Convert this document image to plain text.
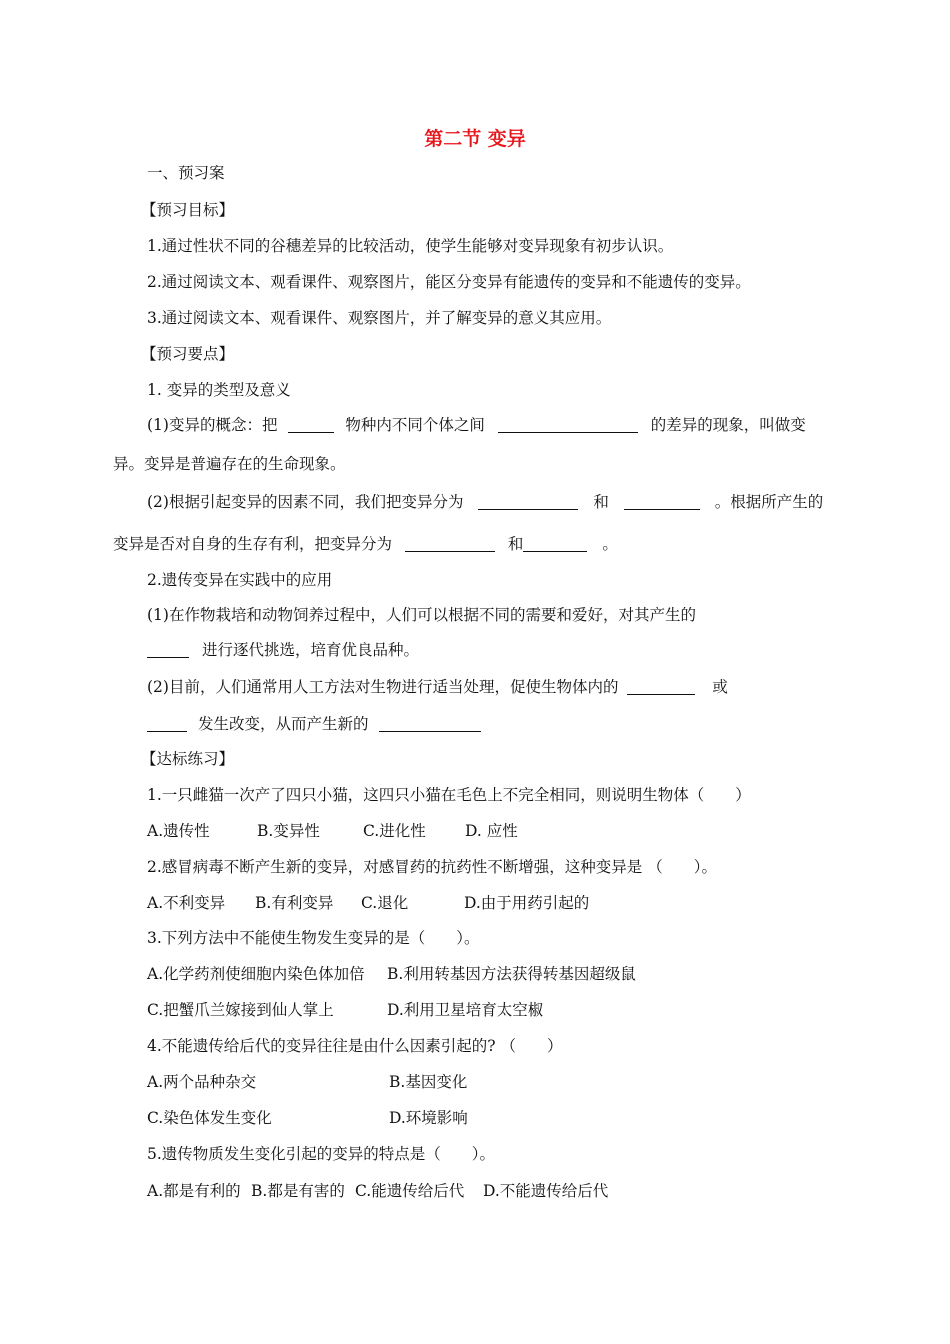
第二节 变异
一、预习案
【预习目标】
1.通过性状不同的谷穗差异的比较活动，使学生能够对变异现象有初步认识。
2.通过阅读文本、观看课件、观察图片，能区分变异有能遗传的变异和不能遗传的变异。
3.通过阅读文本、观看课件、观察图片，并了解变异的意义其应用。
【预习要点】
1. 变异的类型及意义
(1)变异的概念：把	物种内不同个体之间	的差异的现象，叫做变
异。变异是普遍存在的生命现象。
(2)根据引起变异的因素不同，我们把变异分为	和	。根据所产生的
变异是否对自身的生存有利，把变异分为	和	。
2.遗传变异在实践中的应用
(1)在作物栽培和动物饲养过程中，人们可以根据不同的需要和爱好，对其产生的
进行逐代挑选，培育优良品种。
(2)目前，人们通常用人工方法对生物进行适当处理，促使生物体内的	或
发生改变，从而产生新的
【达标练习】
1.一只雌猫一次产了四只小猫，这四只小猫在毛色上不完全相同，则说明生物体（　　）
A.遗传性	B.变异性	C.进化性	D. 应性
2.感冒病毒不断产生新的变异，对感冒药的抗药性不断增强，这种变异是 （　　）。
A.不利变异 B.有利变异 C.退化	D.由于用药引起的
3.下列方法中不能使生物发生变异的是（　　）。
A.化学药剂使细胞内染色体加倍 B.利用转基因方法获得转基因超级鼠
C.把蟹爪兰嫁接到仙人掌上	D.利用卫星培育太空椒
4.不能遗传给后代的变异往往是由什么因素引起的? （　　）
A.两个品种杂交	B.基因变化
C.染色体发生变化	D.环境影响
5.遗传物质发生变化引起的变异的特点是（　　）。
A.都是有利的 B.都是有害的 C.能遗传给后代 D.不能遗传给后代
